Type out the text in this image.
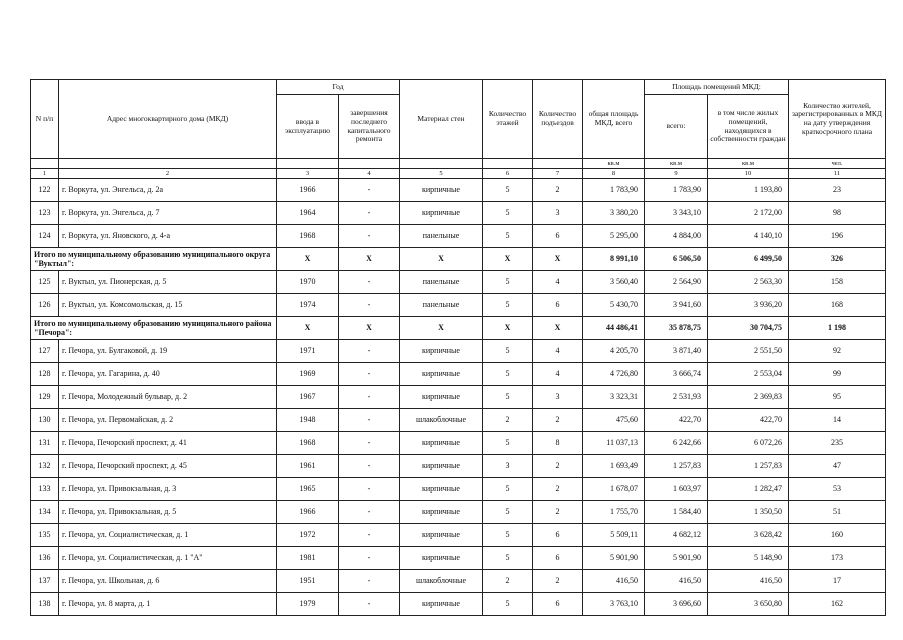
N п/п	Адрес многоквартирного дома (МКД)	Год		Материал стен	Количество этажей	Количество подъездов	общая площадь МКД, всего	Площадь помещений МКД:		Количество жителей, зарегистрированных в МКД на дату утверждения краткосрочного плана
		ввода в эксплуатацию	завершения последнего капитального ремонта					всего:	в том числе жилых помещений, находящихся в собственности граждан	
							кв.м	кв.м	кв.м	чел.
1	2	3	4	5	6	7	8	9	10	11
122	г. Воркута, ул. Энгельса, д. 2а	1966	-	кирпичные	5	2	1 783,90	1 783,90	1 193,80	23
123	г. Воркута, ул. Энгельса, д. 7	1964	-	кирпичные	5	3	3 380,20	3 343,10	2 172,00	98
124	г. Воркута, ул. Яновского, д. 4-а	1968	-	панельные	5	6	5 295,00	4 884,00	4 140,10	196
Итого по муниципальному образованию муниципального округа "Вуктыл":		X	X	X	X	X	8 991,10	6 506,50	6 499,50	326
125	г. Вуктыл, ул. Пионерская, д. 5	1970	-	панельные	5	4	3 560,40	2 564,90	2 563,30	158
126	г. Вуктыл, ул. Комсомольская, д. 15	1974	-	панельные	5	6	5 430,70	3 941,60	3 936,20	168
Итого по муниципальному образованию муниципального района "Печора":		X	X	X	X	X	44 486,41	35 878,75	30 704,75	1 198
127	г. Печора, ул. Булгаковой, д. 19	1971	-	кирпичные	5	4	4 205,70	3 871,40	2 551,50	92
128	г. Печора, ул. Гагарина, д. 40	1969	-	кирпичные	5	4	4 726,80	3 666,74	2 553,04	99
129	г. Печора, Молодежный бульвар, д. 2	1967	-	кирпичные	5	3	3 323,31	2 531,93	2 369,83	95
130	г. Печора, ул. Первомайская, д. 2	1948	-	шлакоблочные	2	2	475,60	422,70	422,70	14
131	г. Печора, Печорский проспект, д. 41	1968	-	кирпичные	5	8	11 037,13	6 242,66	6 072,26	235
132	г. Печора, Печорский проспект, д. 45	1961	-	кирпичные	3	2	1 693,49	1 257,83	1 257,83	47
133	г. Печора, ул. Привокзальная, д. 3	1965	-	кирпичные	5	2	1 678,07	1 603,97	1 282,47	53
134	г. Печора, ул. Привокзальная, д. 5	1966	-	кирпичные	5	2	1 755,70	1 584,40	1 350,50	51
135	г. Печора, ул. Социалистическая, д. 1	1972	-	кирпичные	5	6	5 509,11	4 682,12	3 628,42	160
136	г. Печора, ул. Социалистическая, д. 1 "А"	1981	-	кирпичные	5	6	5 901,90	5 901,90	5 148,90	173
137	г. Печора, ул. Школьная, д. 6	1951	-	шлакоблочные	2	2	416,50	416,50	416,50	17
138	г. Печора, ул. 8 марта, д. 1	1979	-	кирпичные	5	6	3 763,10	3 696,60	3 650,80	162
